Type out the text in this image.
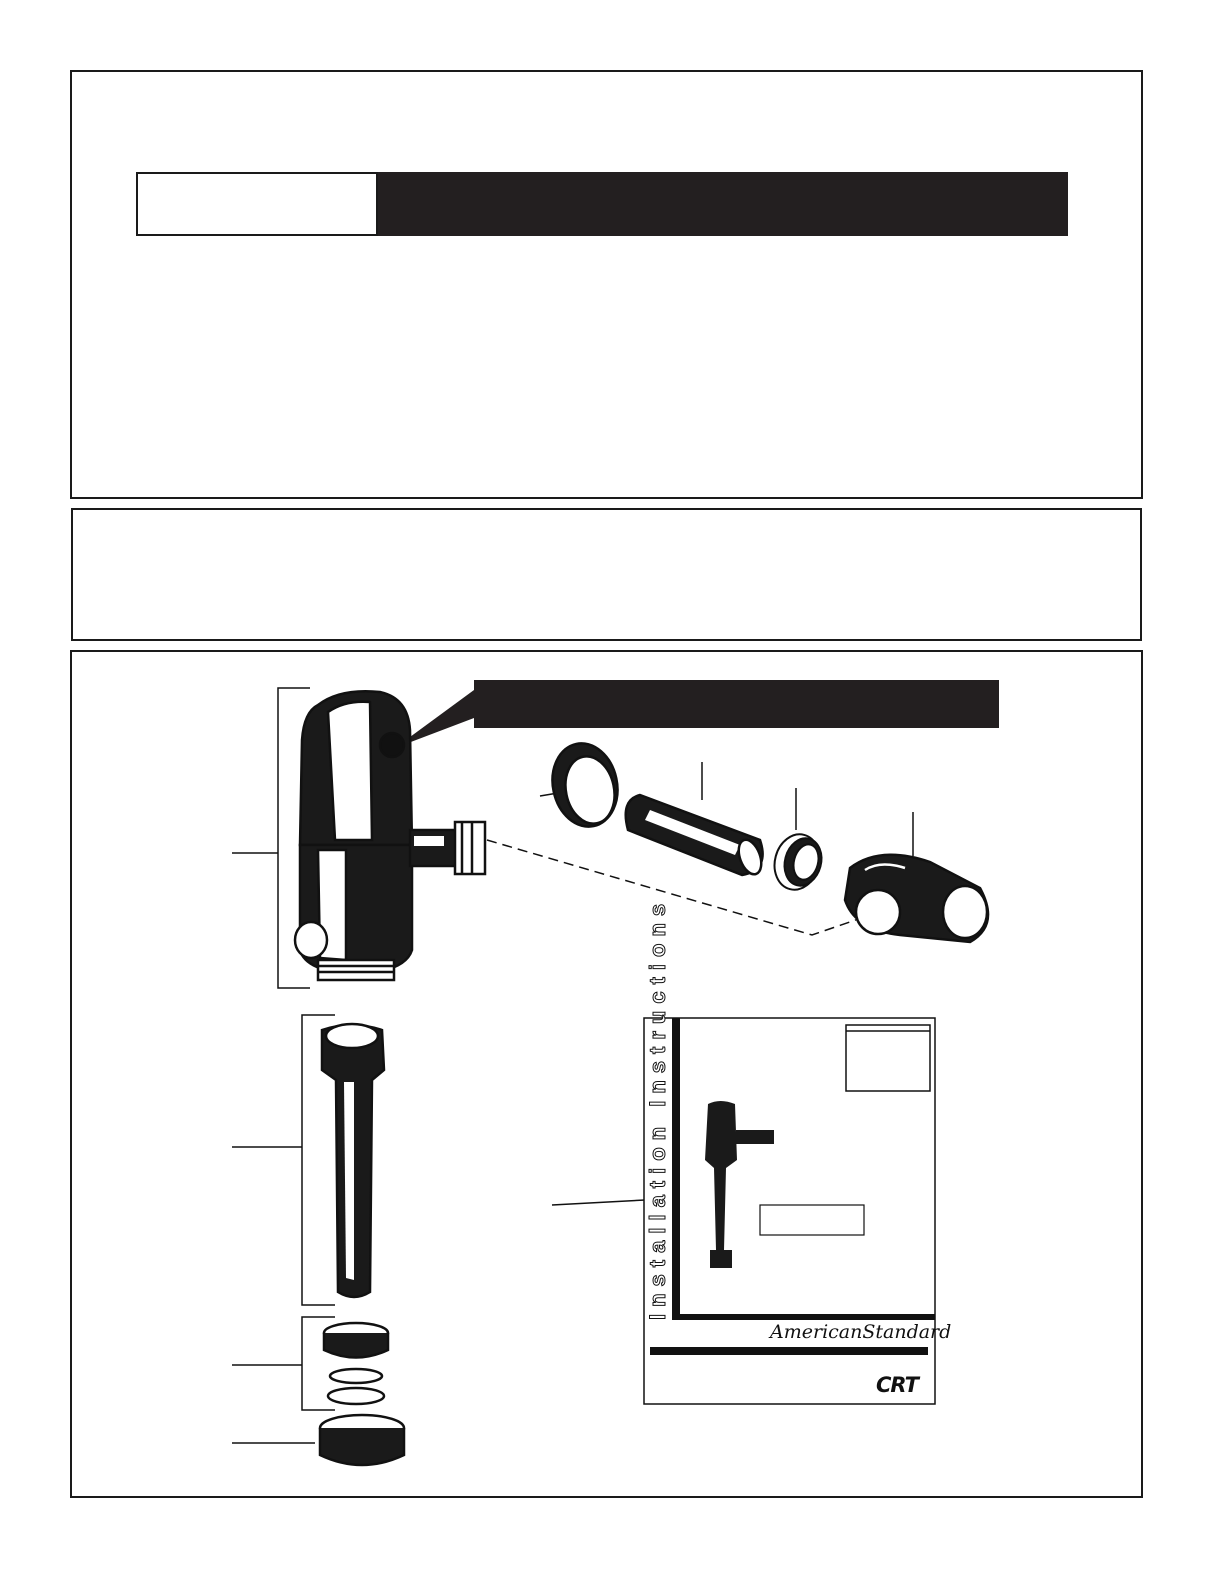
Installation Instructions
AmericanStandard
CRT
